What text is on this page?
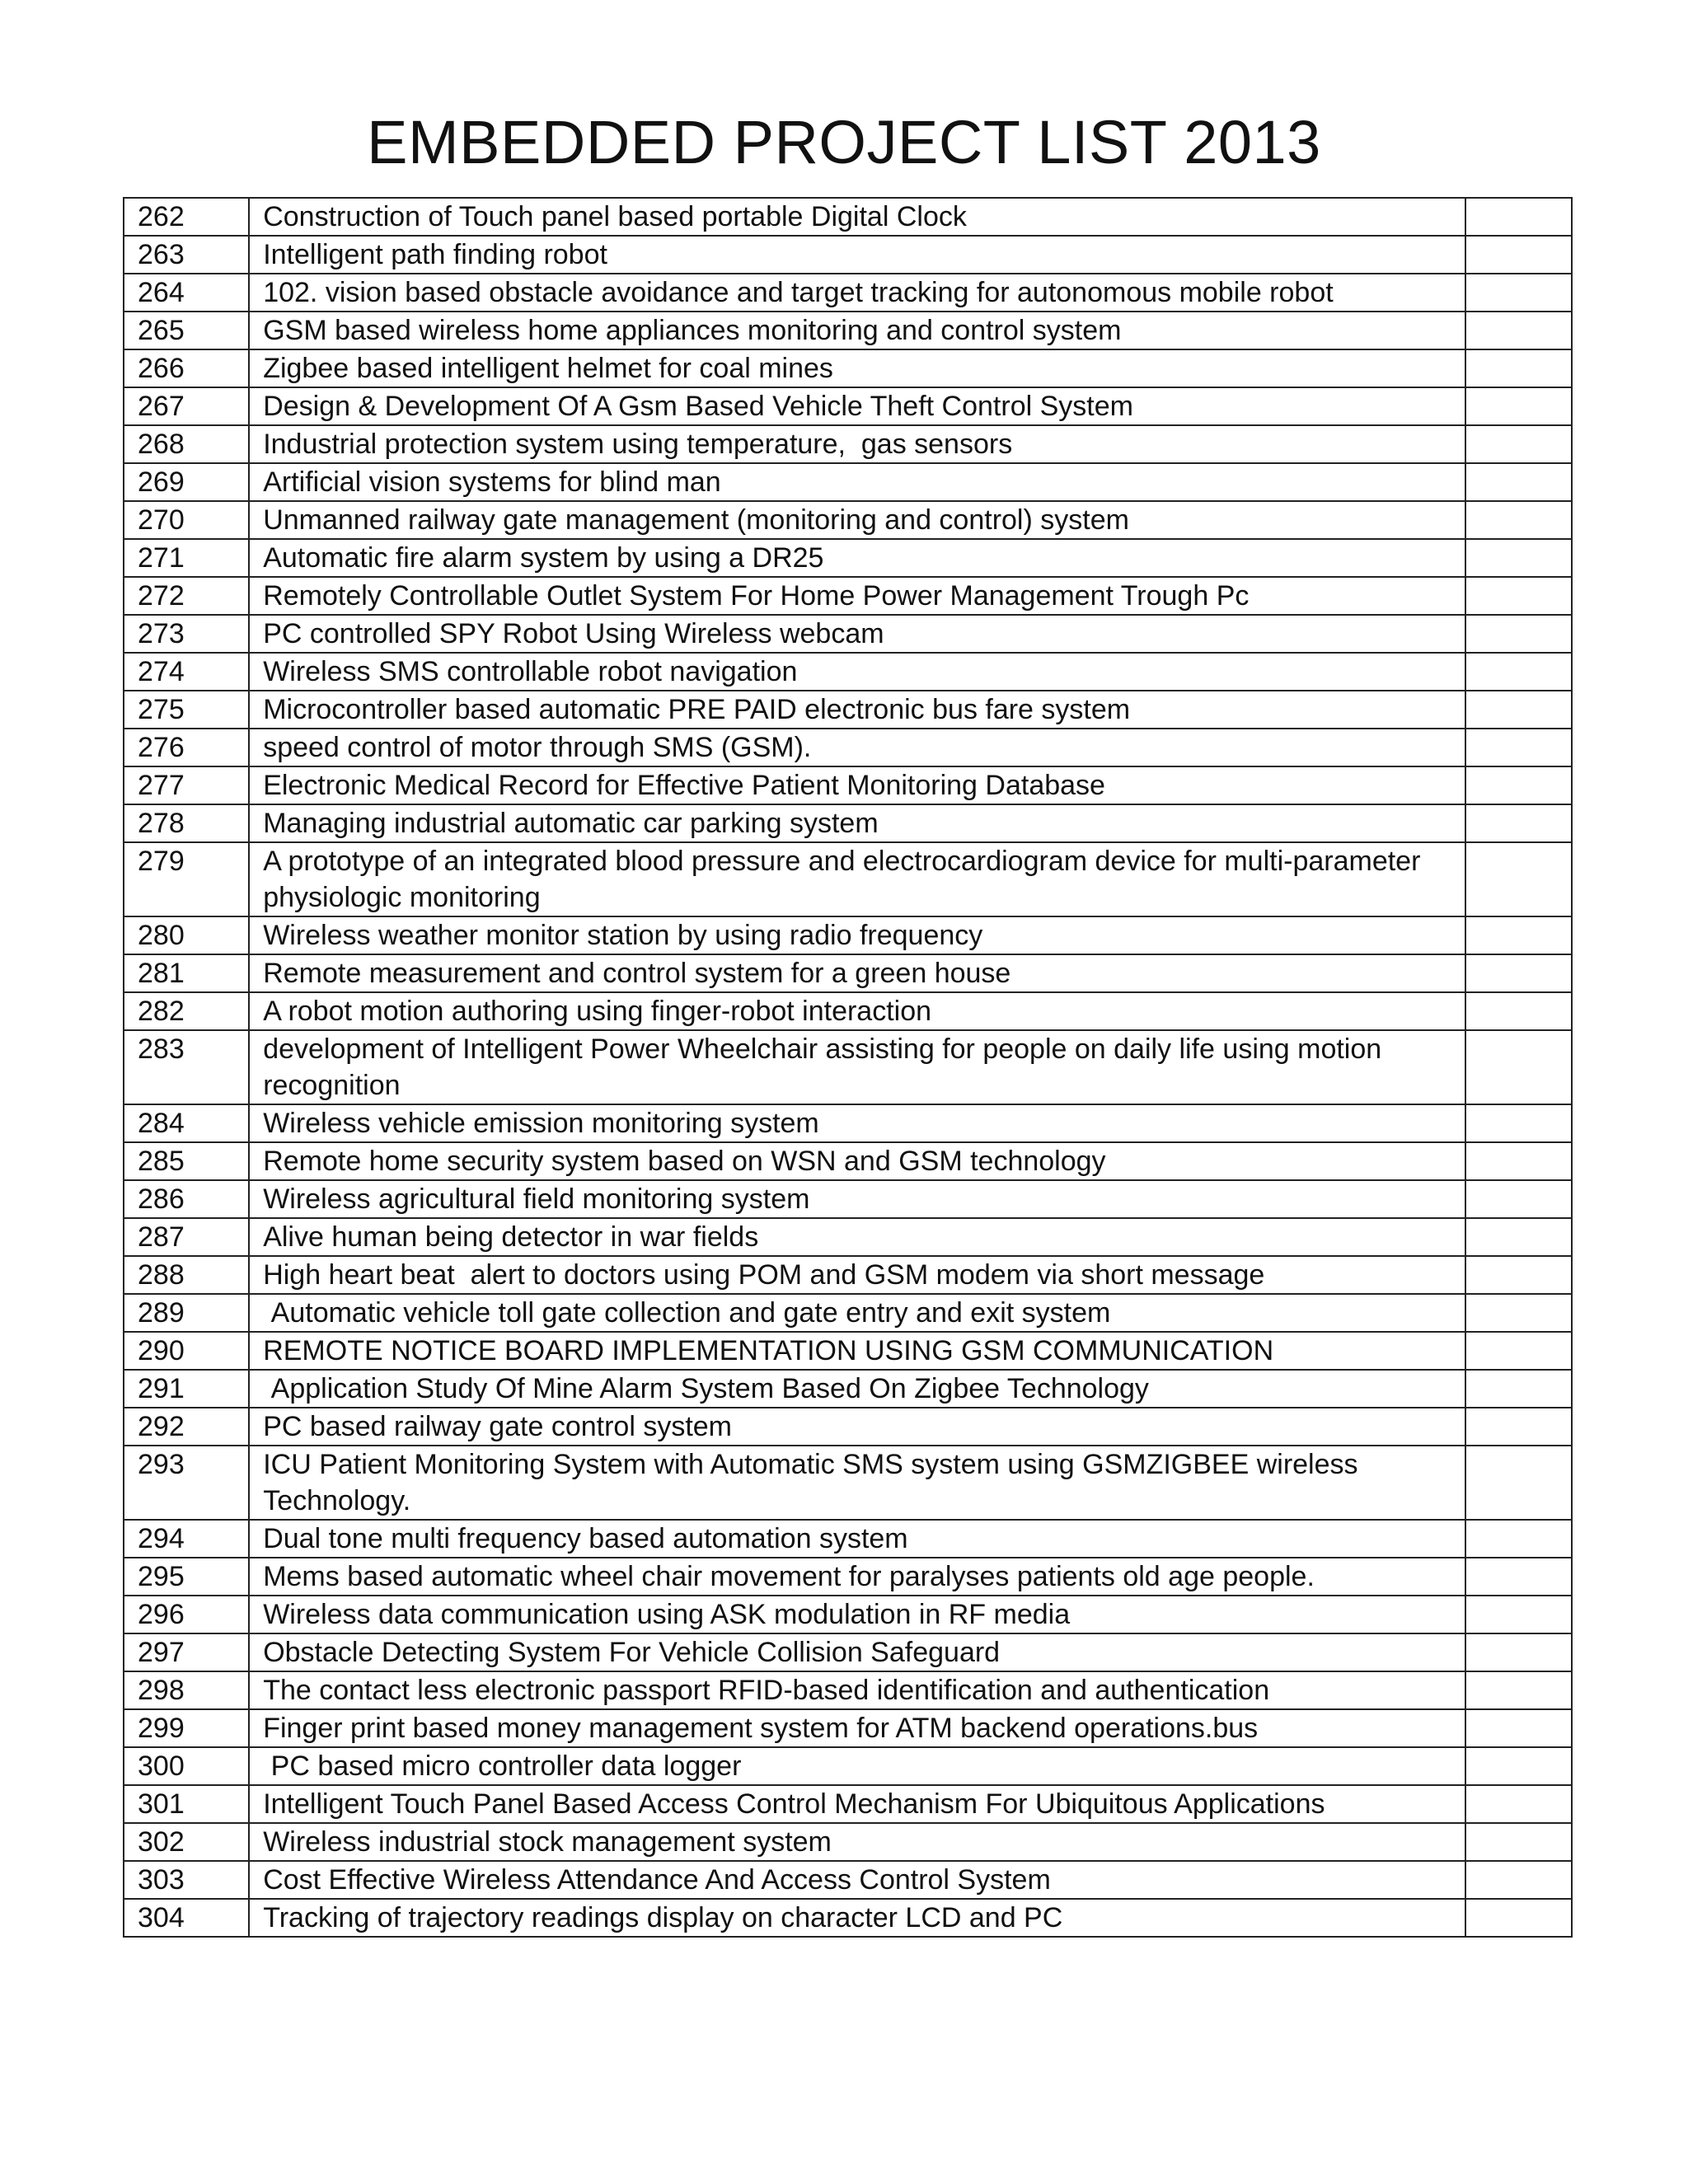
EMBEDDED PROJECT LIST 2013
262	Construction of Touch panel based portable Digital Clock	
263	Intelligent path finding robot	
264	102. vision based obstacle avoidance and target tracking for autonomous mobile robot	
265	GSM based wireless home appliances monitoring and control system	
266	Zigbee based intelligent helmet for coal mines	
267	Design & Development Of A Gsm Based Vehicle Theft Control System	
268	Industrial protection system using temperature,  gas sensors	
269	Artificial vision systems for blind man	
270	Unmanned railway gate management (monitoring and control) system	
271	Automatic fire alarm system by using a DR25	
272	Remotely Controllable Outlet System For Home Power Management Trough Pc	
273	PC controlled SPY Robot Using Wireless webcam	
274	Wireless SMS controllable robot navigation	
275	Microcontroller based automatic PRE PAID electronic bus fare system	
276	speed control of motor through SMS (GSM).	
277	Electronic Medical Record for Effective Patient Monitoring Database	
278	Managing industrial automatic car parking system	
279	A prototype of an integrated blood pressure and electrocardiogram device for multi-parameter physiologic monitoring	
280	Wireless weather monitor station by using radio frequency	
281	Remote measurement and control system for a green house	
282	A robot motion authoring using finger-robot interaction	
283	development of Intelligent Power Wheelchair assisting for people on daily life using motion recognition	
284	Wireless vehicle emission monitoring system	
285	Remote home security system based on WSN and GSM technology	
286	Wireless agricultural field monitoring system	
287	Alive human being detector in war fields	
288	High heart beat  alert to doctors using POM and GSM modem via short message	
289	Automatic vehicle toll gate collection and gate entry and exit system	
290	REMOTE NOTICE BOARD IMPLEMENTATION USING GSM COMMUNICATION	
291	Application Study Of Mine Alarm System Based On Zigbee Technology	
292	PC based railway gate control system	
293	ICU Patient Monitoring System with Automatic SMS system using GSMZIGBEE wireless Technology.	
294	Dual tone multi frequency based automation system	
295	Mems based automatic wheel chair movement for paralyses patients old age people.	
296	Wireless data communication using ASK modulation in RF media	
297	Obstacle Detecting System For Vehicle Collision Safeguard	
298	The contact less electronic passport RFID-based identification and authentication	
299	Finger print based money management system for ATM backend operations.bus	
300	PC based micro controller data logger	
301	Intelligent Touch Panel Based Access Control Mechanism For Ubiquitous Applications	
302	Wireless industrial stock management system	
303	Cost Effective Wireless Attendance And Access Control System	
304	Tracking of trajectory readings display on character LCD and PC	
